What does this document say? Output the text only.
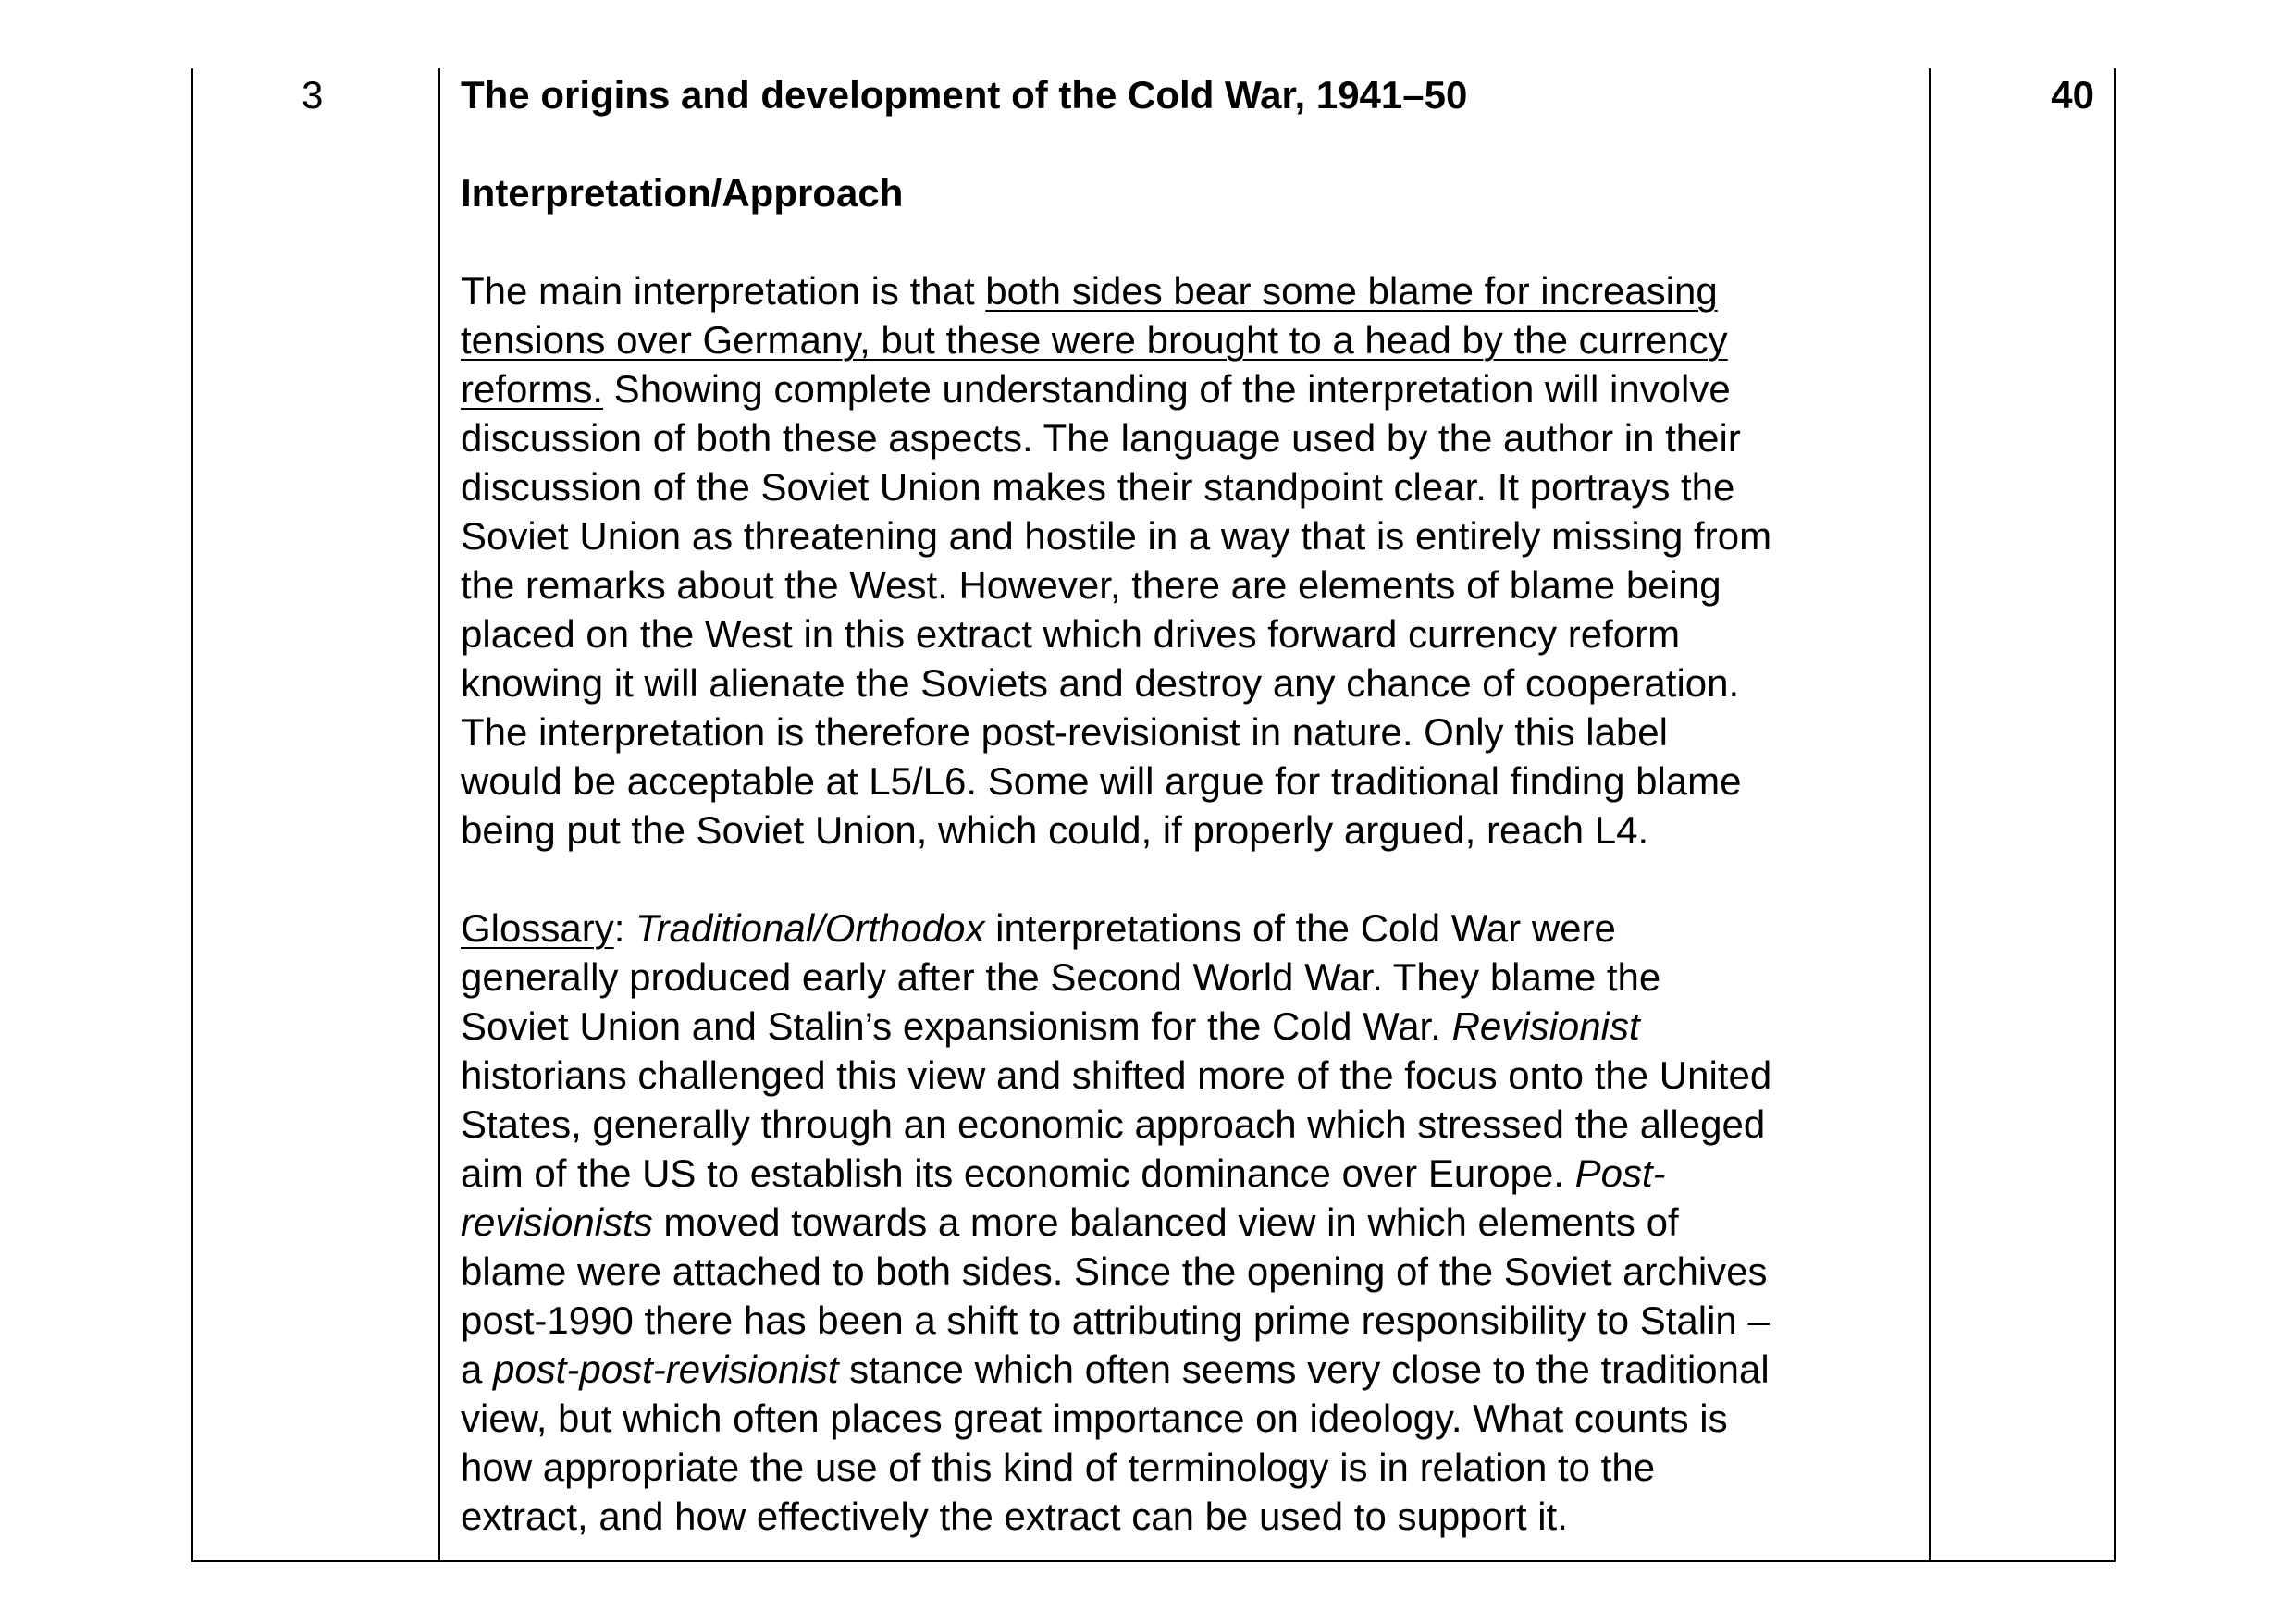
3	40

The origins and development of the Cold War, 1941–50

Interpretation/Approach

The main interpretation is that both sides bear some blame for increasing
tensions over Germany, but these were brought to a head by the currency
reforms. Showing complete understanding of the interpretation will involve
discussion of both these aspects. The language used by the author in their
discussion of the Soviet Union makes their standpoint clear. It portrays the
Soviet Union as threatening and hostile in a way that is entirely missing from
the remarks about the West. However, there are elements of blame being
placed on the West in this extract which drives forward currency reform
knowing it will alienate the Soviets and destroy any chance of cooperation.
The interpretation is therefore post-revisionist in nature. Only this label
would be acceptable at L5/L6. Some will argue for traditional finding blame
being put the Soviet Union, which could, if properly argued, reach L4.

Glossary: Traditional/Orthodox interpretations of the Cold War were
generally produced early after the Second World War. They blame the
Soviet Union and Stalin’s expansionism for the Cold War. Revisionist
historians challenged this view and shifted more of the focus onto the United
States, generally through an economic approach which stressed the alleged
aim of the US to establish its economic dominance over Europe. Post-
revisionists moved towards a more balanced view in which elements of
blame were attached to both sides. Since the opening of the Soviet archives
post-1990 there has been a shift to attributing prime responsibility to Stalin –
a post-post-revisionist stance which often seems very close to the traditional
view, but which often places great importance on ideology. What counts is
how appropriate the use of this kind of terminology is in relation to the
extract, and how effectively the extract can be used to support it.
